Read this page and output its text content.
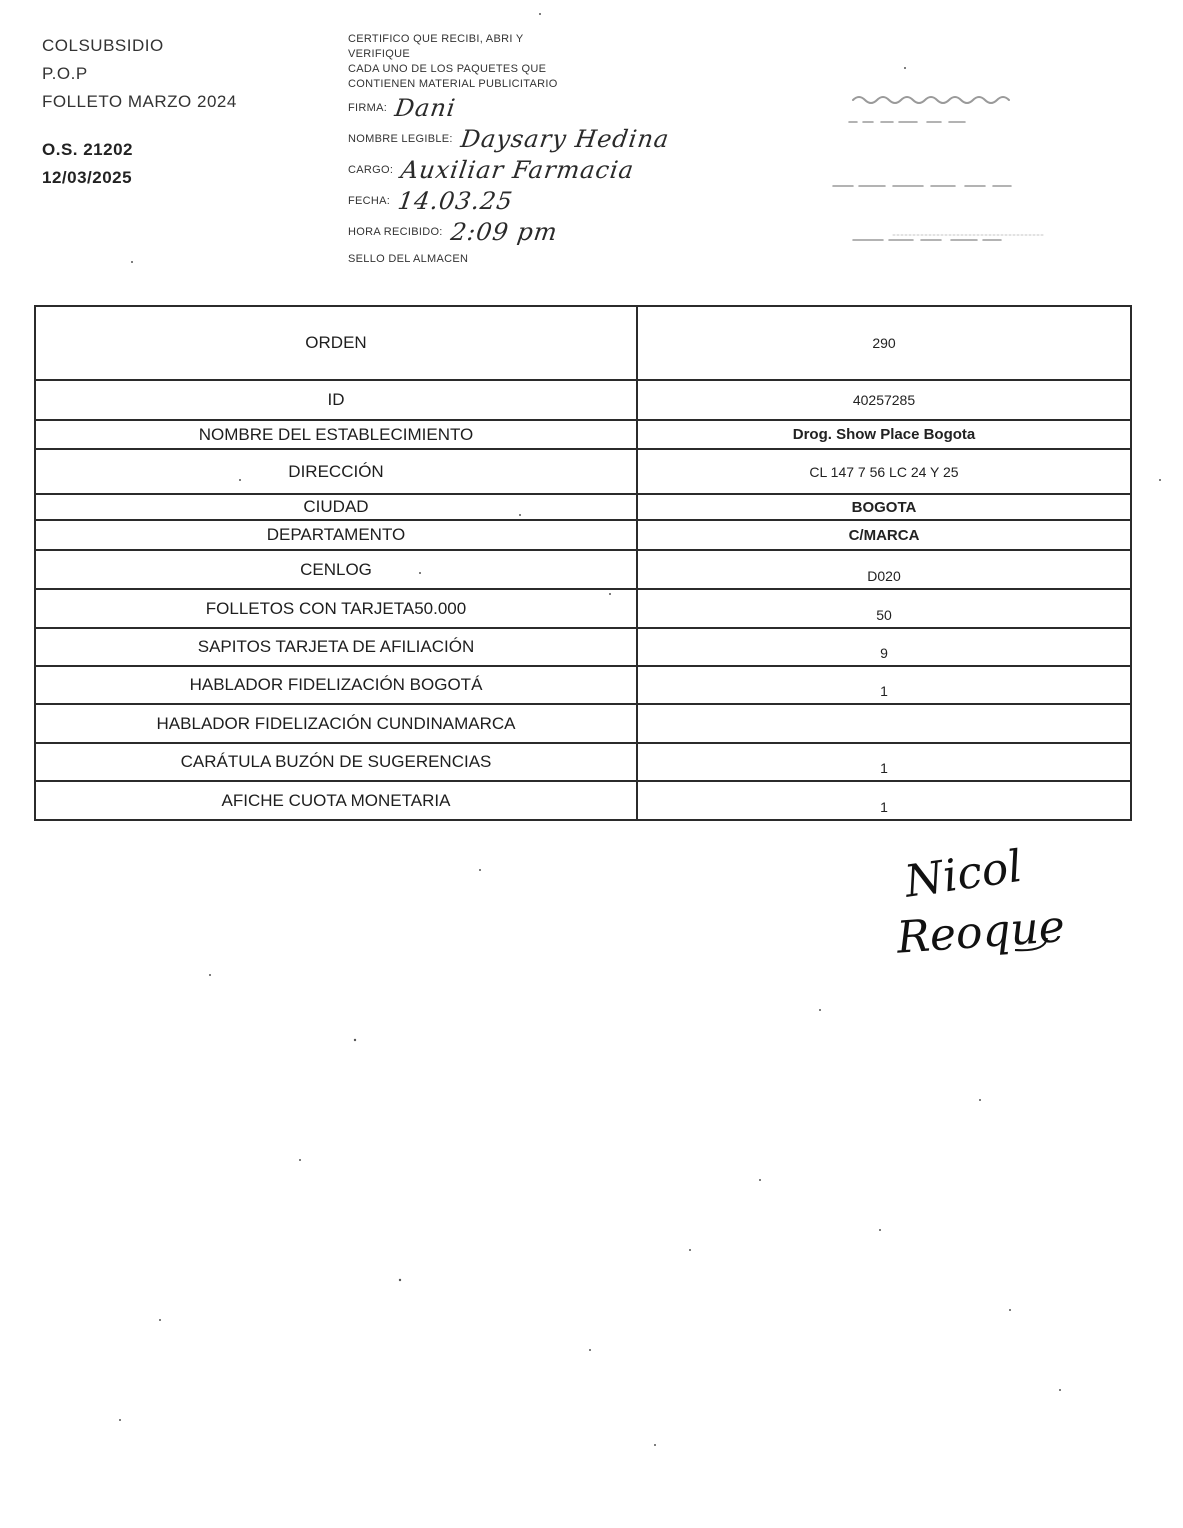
COLSUBSIDIO
P.O.P
FOLLETO MARZO 2024
O.S. 21202
12/03/2025
CERTIFICO QUE RECIBI, ABRI Y
VERIFIQUE
CADA UNO DE LOS PAQUETES QUE
CONTIENEN MATERIAL PUBLICITARIO
FIRMA: Dani
NOMBRE LEGIBLE: Daysary Hedina
CARGO: Auxiliar Farmacia
FECHA: 14.03.25
HORA RECIBIDO: 2:09 pm
SELLO DEL ALMACEN
ORDEN	290
ID	40257285
NOMBRE DEL ESTABLECIMIENTO	Drog. Show Place Bogota
DIRECCIÓN	CL 147 7 56 LC 24 Y 25
CIUDAD	BOGOTA
DEPARTAMENTO	C/MARCA
CENLOG	D020
FOLLETOS CON TARJETA50.000	50
SAPITOS TARJETA DE AFILIACIÓN	9
HABLADOR FIDELIZACIÓN BOGOTÁ	1
HABLADOR FIDELIZACIÓN CUNDINAMARCA	
CARÁTULA BUZÓN DE SUGERENCIAS	1
AFICHE CUOTA MONETARIA	1
Nicol
Reoque
